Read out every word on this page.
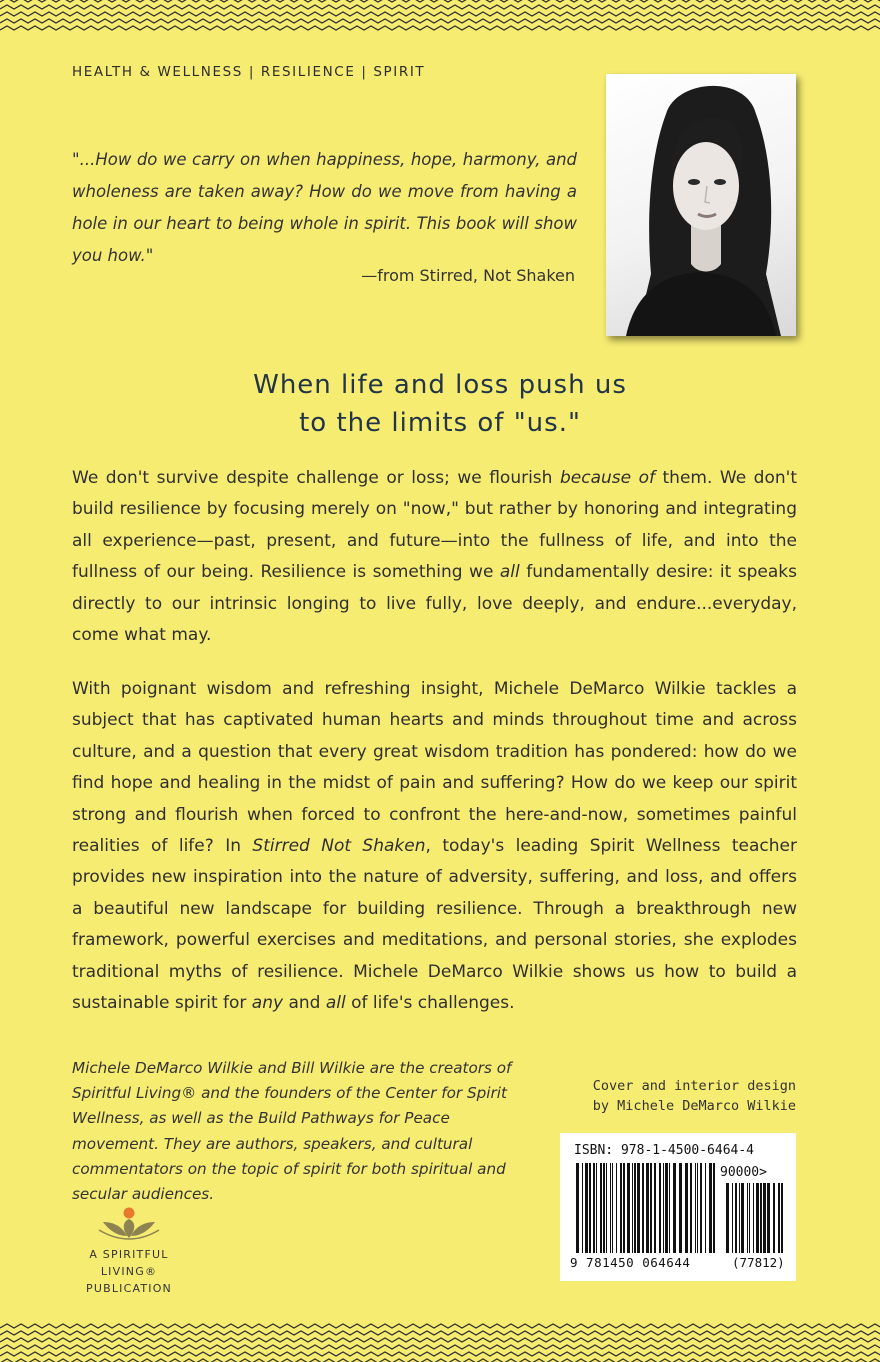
HEALTH & WELLNESS | RESILIENCE | SPIRIT

"...How do we carry on when happiness, hope, harmony, and wholeness are taken away? How do we move from having a hole in our heart to being whole in spirit. This book will show you how."

—from Stirred, Not Shaken

When life and loss push us
to the limits of "us."

We don't survive despite challenge or loss; we flourish because of them. We don't build resilience by focusing merely on "now," but rather by honoring and integrating all experience—past, present, and future—into the fullness of life, and into the fullness of our being. Resilience is something we all fundamentally desire: it speaks directly to our intrinsic longing to live fully, love deeply, and endure...everyday, come what may.

With poignant wisdom and refreshing insight, Michele DeMarco Wilkie tackles a subject that has captivated human hearts and minds throughout time and across culture, and a question that every great wisdom tradition has pondered: how do we find hope and healing in the midst of pain and suffering? How do we keep our spirit strong and flourish when forced to confront the here-and-now, sometimes painful realities of life? In Stirred Not Shaken, today's leading Spirit Wellness teacher provides new inspiration into the nature of adversity, suffering, and loss, and offers a beautiful new landscape for building resilience. Through a breakthrough new framework, powerful exercises and meditations, and personal stories, she explodes traditional myths of resilience. Michele DeMarco Wilkie shows us how to build a sustainable spirit for any and all of life's challenges.

Michele DeMarco Wilkie and Bill Wilkie are the creators of Spiritful Living® and the founders of the Center for Spirit Wellness, as well as the Build Pathways for Peace movement. They are authors, speakers, and cultural commentators on the topic of spirit for both spiritual and secular audiences.

Cover and interior design
by Michele DeMarco Wilkie
A SPIRITFUL LIVING®
PUBLICATION
ISBN: 978-1-4500-6464-4
90000>
9 781450 064644	(77812)
